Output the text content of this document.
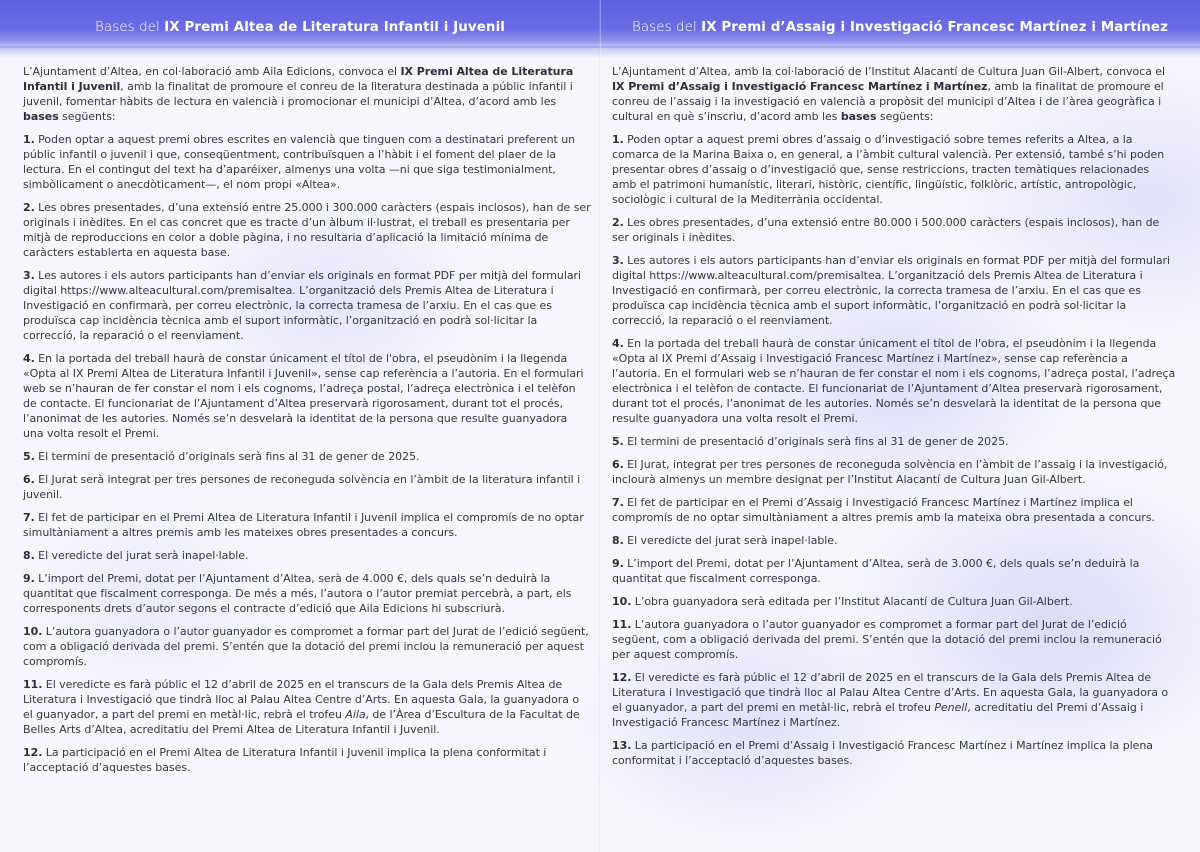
Bases del IX Premi Altea de Literatura Infantil i Juvenil	Bases del IX Premi d’Assaig i Investigació Francesc Martínez i Martínez

L’Ajuntament d’Altea, en col·laboració amb Aila Edicions, convoca el IX Premi Altea de Literatura Infantil i Juvenil, amb la finalitat de promoure el conreu de la literatura destinada a públic infantil i juvenil, fomentar hàbits de lectura en valencià i promocionar el municipi d’Altea, d’acord amb les bases següents:

1. Poden optar a aquest premi obres escrites en valencià que tinguen com a destinatari preferent un públic infantil o juvenil i que, conseqüentment, contribuïsquen a l’hàbit i el foment del plaer de la lectura. En el contingut del text ha d’aparéixer, almenys una volta —ni que siga testimonialment, simbòlicament o anecdòticament—, el nom propi «Altea».

2. Les obres presentades, d’una extensió entre 25.000 i 300.000 caràcters (espais inclosos), han de ser originals i inèdites. En el cas concret que es tracte d’un àlbum il·lustrat, el treball es presentaria per mitjà de reproduccions en color a doble pàgina, i no resultaria d’aplicació la limitació mínima de caràcters establerta en aquesta base.

3. Les autores i els autors participants han d’enviar els originals en format PDF per mitjà del formulari digital https://www.alteacultural.com/premisaltea. L’organització dels Premis Altea de Literatura i Investigació en confirmarà, per correu electrònic, la correcta tramesa de l’arxiu. En el cas que es produïsca cap incidència tècnica amb el suport informàtic, l’organització en podrà sol·licitar la correcció, la reparació o el reenviament.

4. En la portada del treball haurà de constar únicament el títol de l'obra, el pseudònim i la llegenda «Opta al IX Premi Altea de Literatura Infantil i Juvenil», sense cap referència a l’autoria. En el formulari web se n’hauran de fer constar el nom i els cognoms, l’adreça postal, l’adreça electrònica i el telèfon de contacte. El funcionariat de l’Ajuntament d’Altea preservarà rigorosament, durant tot el procés, l’anonimat de les autories. Només se’n desvelarà la identitat de la persona que resulte guanyadora una volta resolt el Premi.

5. El termini de presentació d’originals serà fins al 31 de gener de 2025.

6. El Jurat serà integrat per tres persones de reconeguda solvència en l’àmbit de la literatura infantil i juvenil.

7. El fet de participar en el Premi Altea de Literatura Infantil i Juvenil implica el compromís de no optar simultàniament a altres premis amb les mateixes obres presentades a concurs.

8. El veredicte del jurat serà inapel·lable.

9. L’import del Premi, dotat per l’Ajuntament d’Altea, serà de 4.000 €, dels quals se’n deduirà la quantitat que fiscalment corresponga. De més a més, l’autora o l’autor premiat percebrà, a part, els corresponents drets d’autor segons el contracte d’edició que Aila Edicions hi subscriurà.

10. L’autora guanyadora o l’autor guanyador es compromet a formar part del Jurat de l’edició següent, com a obligació derivada del premi. S’entén que la dotació del premi inclou la remuneració per aquest compromís.

11. El veredicte es farà públic el 12 d’abril de 2025 en el transcurs de la Gala dels Premis Altea de Literatura i Investigació que tindrà lloc al Palau Altea Centre d’Arts. En aquesta Gala, la guanyadora o el guanyador, a part del premi en metàl·lic, rebrà el trofeu Aila, de l’Àrea d’Escultura de la Facultat de Belles Arts d’Altea, acreditatiu del Premi Altea de Literatura Infantil i Juvenil.

12. La participació en el Premi Altea de Literatura Infantil i Juvenil implica la plena conformitat i l’acceptació d’aquestes bases.

L’Ajuntament d’Altea, amb la col·laboració de l’Institut Alacantí de Cultura Juan Gil-Albert, convoca el IX Premi d’Assaig i Investigació Francesc Martínez i Martínez, amb la finalitat de promoure el conreu de l’assaig i la investigació en valencià a propòsit del municipi d’Altea i de l’àrea geogràfica i cultural en què s’inscriu, d’acord amb les bases següents:

1. Poden optar a aquest premi obres d’assaig o d’investigació sobre temes referits a Altea, a la comarca de la Marina Baixa o, en general, a l’àmbit cultural valencià. Per extensió, també s’hi poden presentar obres d’assaig o d’investigació que, sense restriccions, tracten temàtiques relacionades amb el patrimoni humanístic, literari, històric, científic, lingüístic, folklòric, artístic, antropològic, sociològic i cultural de la Mediterrània occidental.

2. Les obres presentades, d’una extensió entre 80.000 i 500.000 caràcters (espais inclosos), han de ser originals i inèdites.

3. Les autores i els autors participants han d’enviar els originals en format PDF per mitjà del formulari digital https://www.alteacultural.com/premisaltea. L’organització dels Premis Altea de Literatura i Investigació en confirmarà, per correu electrònic, la correcta tramesa de l’arxiu. En el cas que es produïsca cap incidència tècnica amb el suport informàtic, l’organització en podrà sol·licitar la correcció, la reparació o el reenviament.

4. En la portada del treball haurà de constar únicament el títol de l'obra, el pseudònim i la llegenda «Opta al IX Premi d’Assaig i Investigació Francesc Martínez i Martínez», sense cap referència a l’autoria. En el formulari web se n’hauran de fer constar el nom i els cognoms, l’adreça postal, l’adreça electrònica i el telèfon de contacte. El funcionariat de l’Ajuntament d’Altea preservarà rigorosament, durant tot el procés, l’anonimat de les autories. Només se’n desvelarà la identitat de la persona que resulte guanyadora una volta resolt el Premi.

5. El termini de presentació d’originals serà fins al 31 de gener de 2025.

6. El Jurat, integrat per tres persones de reconeguda solvència en l’àmbit de l’assaig i la investigació, inclourà almenys un membre designat per l’Institut Alacantí de Cultura Juan Gil-Albert.

7. El fet de participar en el Premi d’Assaig i Investigació Francesc Martínez i Martínez implica el compromís de no optar simultàniament a altres premis amb la mateixa obra presentada a concurs.

8. El veredicte del jurat serà inapel·lable.

9. L’import del Premi, dotat per l’Ajuntament d’Altea, serà de 3.000 €, dels quals se’n deduirà la quantitat que fiscalment corresponga.

10. L’obra guanyadora serà editada per l’Institut Alacantí de Cultura Juan Gil-Albert.

11. L’autora guanyadora o l’autor guanyador es compromet a formar part del Jurat de l’edició següent, com a obligació derivada del premi. S’entén que la dotació del premi inclou la remuneració per aquest compromís.

12. El veredicte es farà públic el 12 d’abril de 2025 en el transcurs de la Gala dels Premis Altea de Literatura i Investigació que tindrà lloc al Palau Altea Centre d’Arts. En aquesta Gala, la guanyadora o el guanyador, a part del premi en metàl·lic, rebrà el trofeu Penell, acreditatiu del Premi d’Assaig i Investigació Francesc Martínez i Martínez.

13. La participació en el Premi d’Assaig i Investigació Francesc Martínez i Martínez implica la plena conformitat i l’acceptació d’aquestes bases.
